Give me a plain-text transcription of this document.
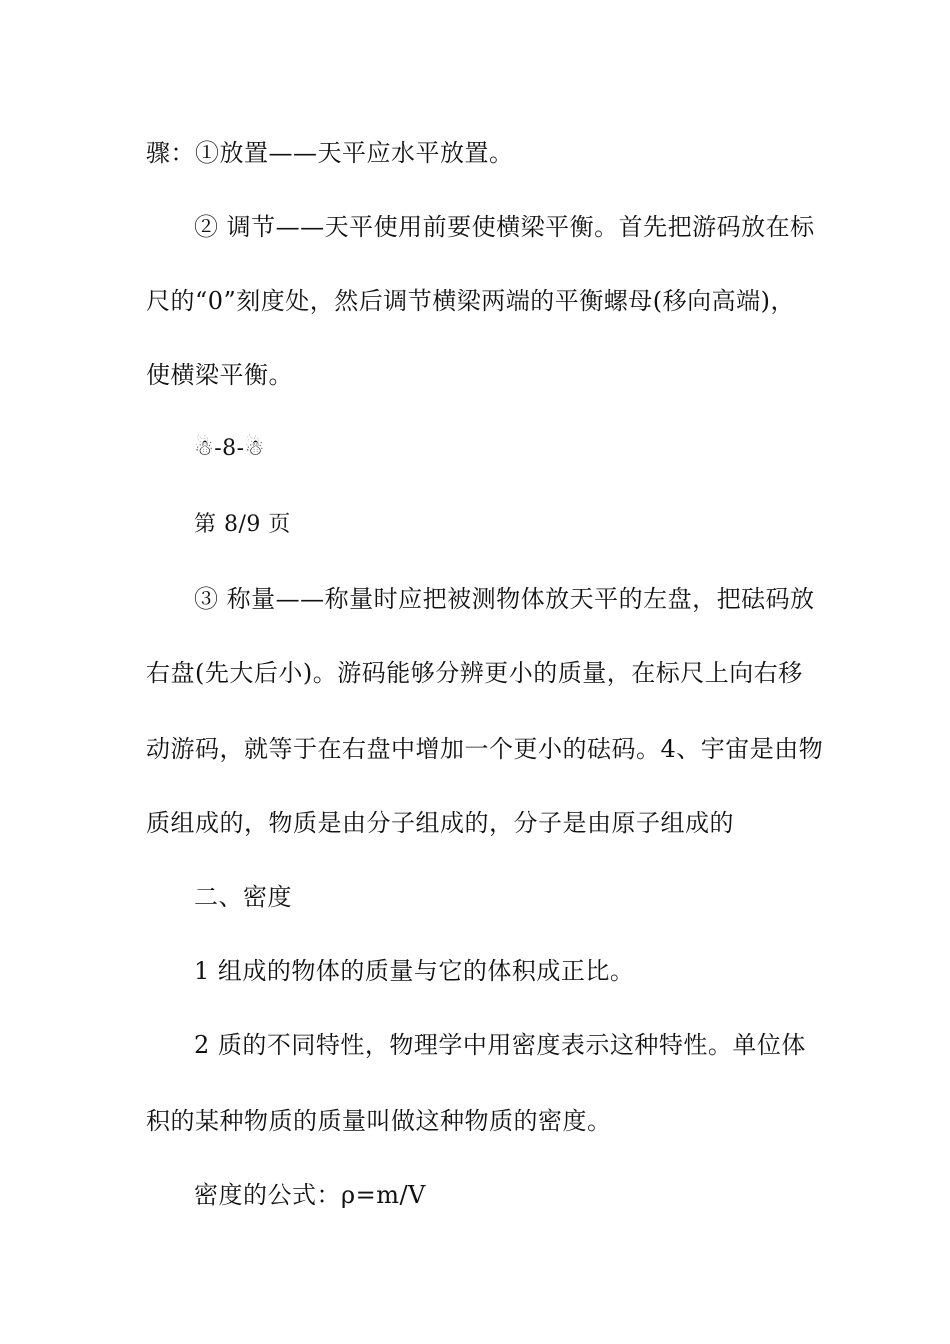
骤：①放置——天平应水平放置。
② 调节——天平使用前要使横梁平衡。首先把游码放在标
尺的“0”刻度处，然后调节横梁两端的平衡螺母(移向高端)，
使横梁平衡。
☃-8-☃
第 8/9 页
③ 称量——称量时应把被测物体放天平的左盘，把砝码放
右盘(先大后小)。游码能够分辨更小的质量，在标尺上向右移
动游码，就等于在右盘中增加一个更小的砝码。4、宇宙是由物
质组成的，物质是由分子组成的，分子是由原子组成的
二、密度
1 组成的物体的质量与它的体积成正比。
2 质的不同特性，物理学中用密度表示这种特性。单位体
积的某种物质的质量叫做这种物质的密度。
密度的公式：ρ=m/V
